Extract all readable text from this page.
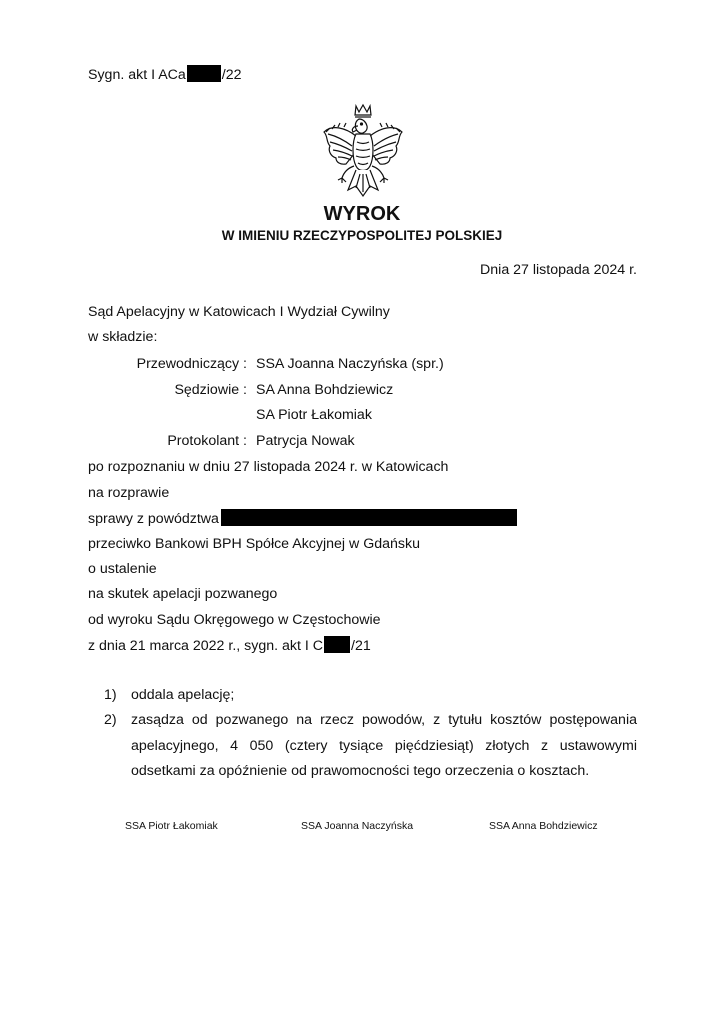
Sygn. akt I ACa	/22
WYROK
W IMIENIU RZECZYPOSPOLITEJ POLSKIEJ
Dnia 27 listopada 2024 r.
Sąd Apelacyjny w Katowicach I Wydział Cywilny
w składzie:
Przewodniczący : SSA Joanna Naczyńska (spr.)
Sędziowie : SA Anna Bohdziewicz
SA Piotr Łakomiak
Protokolant : Patrycja Nowak
po rozpoznaniu w dniu 27 listopada 2024 r. w Katowicach
na rozprawie
sprawy z powództwa
przeciwko Bankowi BPH Spółce Akcyjnej w Gdańsku
o ustalenie
na skutek apelacji pozwanego
od wyroku Sądu Okręgowego w Częstochowie
z dnia 21 marca 2022 r., sygn. akt I C /21
1) oddala apelację;
2) zasądza od pozwanego na rzecz powodów, z tytułu kosztów postępowania
apelacyjnego, 4 050 (cztery tysiące pięćdziesiąt) złotych z ustawowymi
odsetkami za opóźnienie od prawomocności tego orzeczenia o kosztach.
SSA Piotr Łakomiak	SSA Joanna Naczyńska	SSA Anna Bohdziewicz
